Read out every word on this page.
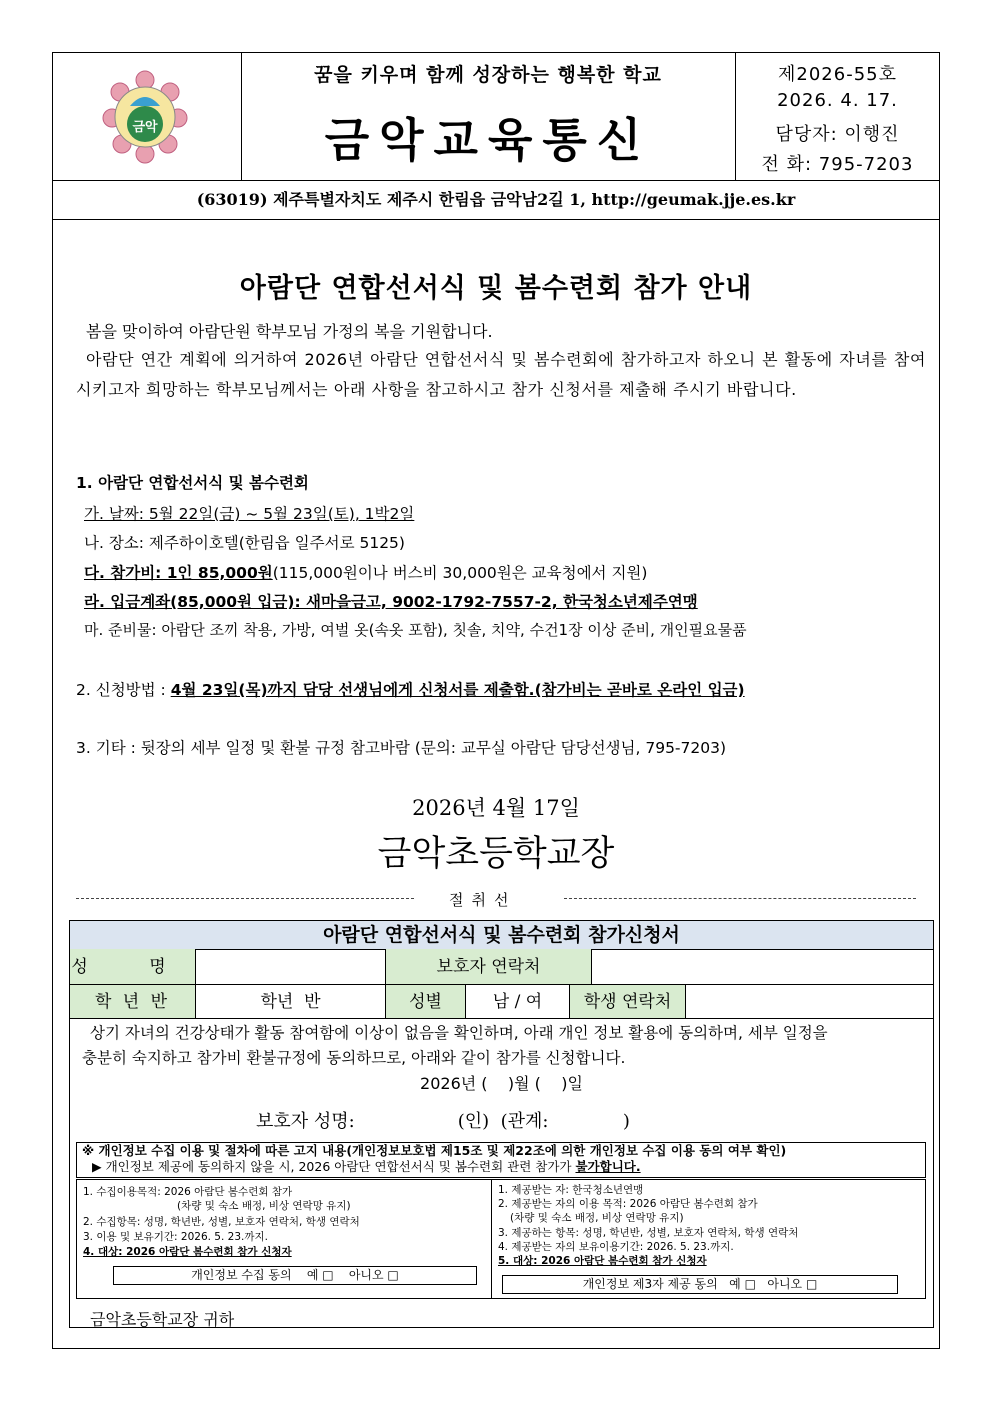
금악
꿈을 키우며 함께 성장하는 행복한 학교
금악교육통신
제2026-55호
2026. 4. 17.
담당자: 이행진
전 화: 795-7203
(63019) 제주특별자치도 제주시 한림읍 금악남2길 1, http://geumak.jje.es.kr
아람단 연합선서식 및 봄수련회 참가 안내
봄을 맞이하여 아람단원 학부모님 가정의 복을 기원합니다.
아람단 연간 계획에 의거하여 2026년 아람단 연합선서식 및 봄수련회에 참가하고자 하오니 본 활동에 자녀를 참여시키고자 희망하는 학부모님께서는 아래 사항을 참고하시고 참가 신청서를 제출해 주시기 바랍니다.
1. 아람단 연합선서식 및 봄수련회
가. 날짜: 5월 22일(금) ~ 5월 23일(토), 1박2일
나. 장소: 제주하이호텔(한림읍 일주서로 5125)
다. 참가비: 1인 85,000원(115,000원이나 버스비 30,000원은 교육청에서 지원)
라. 입금계좌(85,000원 입금): 새마을금고, 9002-1792-7557-2, 한국청소년제주연맹
마. 준비물: 아람단 조끼 착용, 가방, 여벌 옷(속옷 포함), 칫솔, 치약, 수건1장 이상 준비, 개인필요물품
2. 신청방법 : 4월 23일(목)까지 담당 선생님에게 신청서를 제출함.(참가비는 곧바로 온라인 입금)
3. 기타 : 뒷장의 세부 일정 및 환불 규정 참고바람 (문의: 교무실 아람단 담당선생님, 795-7203)
2026년 4월 17일
금악초등학교장
절취선
아람단 연합선서식 및 봄수련회 참가신청서
성 명	보호자 연락처
학 년 반	학년  반	성별	남 / 여	학생 연락처
상기 자녀의 건강상태가 활동 참여함에 이상이 없음을 확인하며, 아래 개인 정보 활용에 동의하며, 세부 일정을
충분히 숙지하고 참가비 환불규정에 동의하므로, 아래와 같이 참가를 신청합니다.
2026년 (    )월 (    )일
보호자 성명:                  (인)  (관계:             )
※ 개인정보 수집 이용 및 절차에 따른 고지 내용(개인정보보호법 제15조 및 제22조에 의한 개인정보 수집 이용 동의 여부 확인)
▶ 개인정보 제공에 동의하지 않을 시, 2026 아람단 연합선서식 및 봄수련회 관련 참가가 불가합니다.
1. 수집이용목적: 2026 아람단 봄수련회 참가
(차량 및 숙소 배정, 비상 연락망 유지)
2. 수집항목: 성명, 학년반, 성별, 보호자 연락처, 학생 연락처
3. 이용 및 보유기간: 2026. 5. 23.까지.
4. 대상: 2026 아람단 봄수련회 참가 신청자
개인정보 수집 동의    예 □    아니오 □
1. 제공받는 자: 한국청소년연맹
2. 제공받는 자의 이용 목적: 2026 아람단 봄수련회 참가
(차량 및 숙소 배정, 비상 연락망 유지)
3. 제공하는 항목: 성명, 학년반, 성별, 보호자 연락처, 학생 연락처
4. 제공받는 자의 보유이용기간: 2026. 5. 23.까지.
5. 대상: 2026 아람단 봄수련회 참가 신청자
개인정보 제3자 제공 동의   예 □   아니오 □
금악초등학교장 귀하
